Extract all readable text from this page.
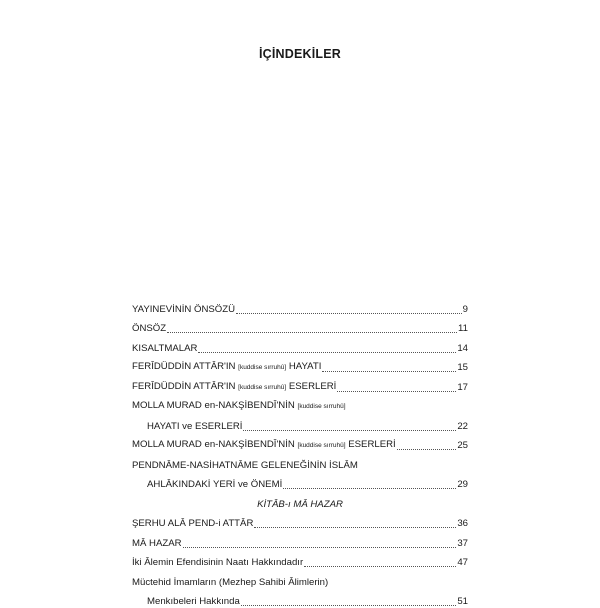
İÇİNDEKİLER
YAYINEVİNİN ÖNSÖZÜ	9
ÖNSÖZ	11
KISALTMALAR	14
FERÎDÜDDİN ATTÂR'IN [kuddise sırruhû] HAYATI	15
FERÎDÜDDİN ATTÂR'IN [kuddise sırruhû] ESERLERİ	17
MOLLA MURAD en-NAKŞİBENDÎ'NİN [kuddise sırruhû]
HAYATI ve ESERLERİ	22
MOLLA MURAD en-NAKŞİBENDÎ'NİN [kuddise sırruhû] ESERLERİ	25
PENDNÂME-NASİHATNÂME GELENEĞİNİN İSLÂM
AHLÂKINDAKİ YERİ ve ÖNEMİ	29
KİTÂB-ı MÂ HAZAR
ŞERHU ALÂ PEND-i ATTÂR	36
MÂ HAZAR	37
İki Âlemin Efendisinin Naatı Hakkındadır	47
Müctehid İmamların (Mezhep Sahibi Âlimlerin)
Menkıbeleri Hakkında	51
